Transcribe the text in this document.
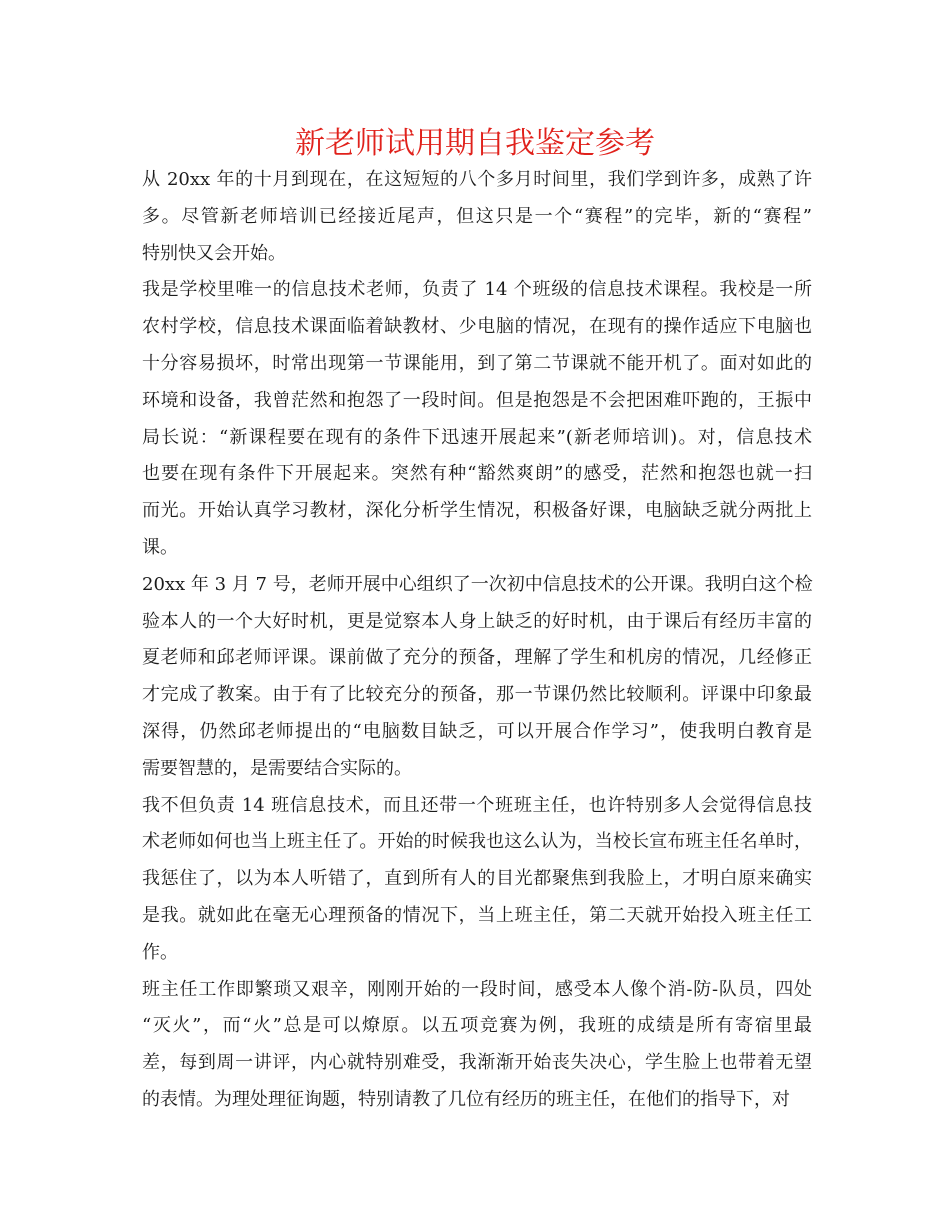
新老师试用期自我鉴定参考
从 20xx 年的十月到现在，在这短短的八个多月时间里，我们学到许多，成熟了许
多。尽管新老师培训已经接近尾声，但这只是一个“赛程”的完毕，新的“赛程”
特别快又会开始。
我是学校里唯一的信息技术老师，负责了 14 个班级的信息技术课程。我校是一所
农村学校，信息技术课面临着缺教材、少电脑的情况，在现有的操作适应下电脑也
十分容易损坏，时常出现第一节课能用，到了第二节课就不能开机了。面对如此的
环境和设备，我曾茫然和抱怨了一段时间。但是抱怨是不会把困难吓跑的，王振中
局长说：“新课程要在现有的条件下迅速开展起来”(新老师培训)。对，信息技术
也要在现有条件下开展起来。突然有种“豁然爽朗”的感受，茫然和抱怨也就一扫
而光。开始认真学习教材，深化分析学生情况，积极备好课，电脑缺乏就分两批上
课。
20xx 年 3 月 7 号，老师开展中心组织了一次初中信息技术的公开课。我明白这个检
验本人的一个大好时机，更是觉察本人身上缺乏的好时机，由于课后有经历丰富的
夏老师和邱老师评课。课前做了充分的预备，理解了学生和机房的情况，几经修正
才完成了教案。由于有了比较充分的预备，那一节课仍然比较顺利。评课中印象最
深得，仍然邱老师提出的“电脑数目缺乏，可以开展合作学习”，使我明白教育是
需要智慧的，是需要结合实际的。
我不但负责 14 班信息技术，而且还带一个班班主任，也许特别多人会觉得信息技
术老师如何也当上班主任了。开始的时候我也这么认为，当校长宣布班主任名单时，
我惩住了，以为本人听错了，直到所有人的目光都聚焦到我脸上，才明白原来确实
是我。就如此在毫无心理预备的情况下，当上班主任，第二天就开始投入班主任工
作。
班主任工作即繁琐又艰辛，刚刚开始的一段时间，感受本人像个消-防-队员，四处
“灭火”，而“火”总是可以燎原。以五项竞赛为例，我班的成绩是所有寄宿里最
差，每到周一讲评，内心就特别难受，我渐渐开始丧失决心，学生脸上也带着无望
的表情。为理处理征询题，特别请教了几位有经历的班主任，在他们的指导下，对
